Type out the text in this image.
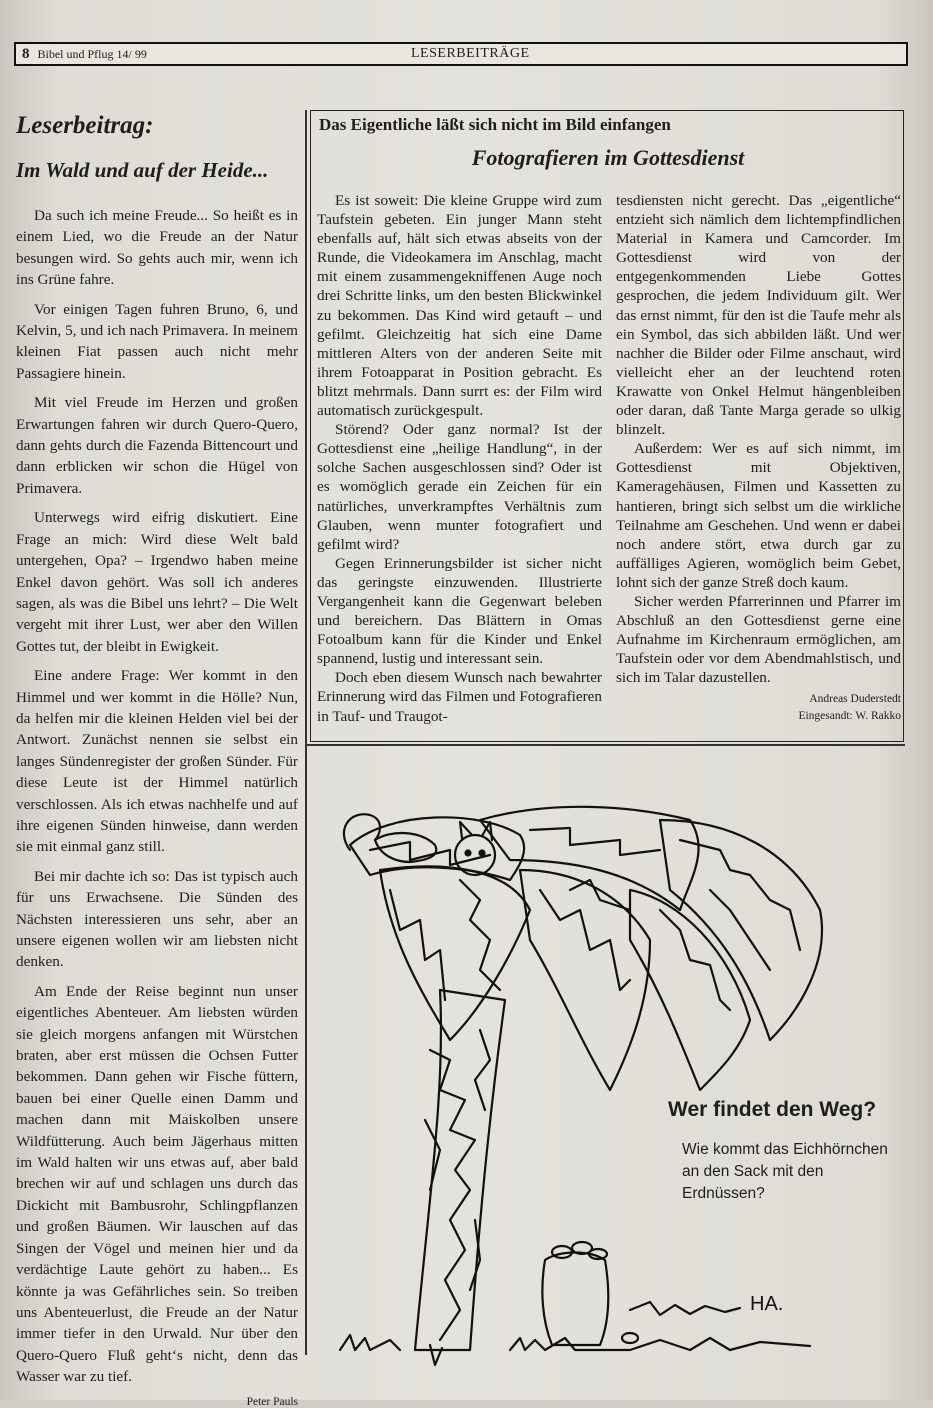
8 Bibel und Pflug 14/ 99	LESERBEITRÄGE
Leserbeitrag:
Im Wald und auf der Heide...

Da such ich meine Freude... So heißt es in einem Lied, wo die Freude an der Natur besungen wird. So gehts auch mir, wenn ich ins Grüne fahre.

Vor einigen Tagen fuhren Bruno, 6, und Kelvin, 5, und ich nach Primavera. In meinem kleinen Fiat passen auch nicht mehr Passagiere hinein.

Mit viel Freude im Herzen und großen Erwartungen fahren wir durch Quero-Quero, dann gehts durch die Fazenda Bittencourt und dann erblicken wir schon die Hügel von Primavera.

Unterwegs wird eifrig diskutiert. Eine Frage an mich: Wird diese Welt bald untergehen, Opa? – Irgendwo haben meine Enkel davon gehört. Was soll ich anderes sagen, als was die Bibel uns lehrt? – Die Welt vergeht mit ihrer Lust, wer aber den Willen Gottes tut, der bleibt in Ewigkeit.

Eine andere Frage: Wer kommt in den Himmel und wer kommt in die Hölle? Nun, da helfen mir die kleinen Helden viel bei der Antwort. Zunächst nennen sie selbst ein langes Sündenregister der großen Sünder. Für diese Leute ist der Himmel natürlich verschlossen. Als ich etwas nachhelfe und auf ihre eigenen Sünden hinweise, dann werden sie mit einmal ganz still.

Bei mir dachte ich so: Das ist typisch auch für uns Erwachsene. Die Sünden des Nächsten interessieren uns sehr, aber an unsere eigenen wollen wir am liebsten nicht denken.

Am Ende der Reise beginnt nun unser eigentliches Abenteuer. Am liebsten würden sie gleich morgens anfangen mit Würstchen braten, aber erst müssen die Ochsen Futter bekommen. Dann gehen wir Fische füttern, bauen bei einer Quelle einen Damm und machen dann mit Maiskolben unsere Wildfütterung. Auch beim Jägerhaus mitten im Wald halten wir uns etwas auf, aber bald brechen wir auf und schlagen uns durch das Dickicht mit Bambusrohr, Schlingpflanzen und großen Bäumen. Wir lauschen auf das Singen der Vögel und meinen hier und da verdächtige Laute gehört zu haben... Es könnte ja was Gefährliches sein. So treiben uns Abenteuerlust, die Freude an der Natur immer tiefer in den Urwald. Nur über den Quero-Quero Fluß geht‘s nicht, denn das Wasser war zu tief.

Peter Pauls
Das Eigentliche läßt sich nicht im Bild einfangen
Fotografieren im Gottesdienst

Es ist soweit: Die kleine Gruppe wird zum Taufstein gebeten. Ein junger Mann steht ebenfalls auf, hält sich etwas abseits von der Runde, die Videokamera im Anschlag, macht mit einem zusammengekniffenen Auge noch drei Schritte links, um den besten Blickwinkel zu bekommen. Das Kind wird getauft – und gefilmt. Gleichzeitig hat sich eine Dame mittleren Alters von der anderen Seite mit ihrem Fotoapparat in Position gebracht. Es blitzt mehrmals. Dann surrt es: der Film wird automatisch zurückgespult.

Störend? Oder ganz normal? Ist der Gottesdienst eine „heilige Handlung“, in der solche Sachen ausgeschlossen sind? Oder ist es womöglich gerade ein Zeichen für ein natürliches, unverkrampftes Verhältnis zum Glauben, wenn munter fotografiert und gefilmt wird?

Gegen Erinnerungsbilder ist sicher nicht das geringste einzuwenden. Illustrierte Vergangenheit kann die Gegenwart beleben und bereichern. Das Blättern in Omas Fotoalbum kann für die Kinder und Enkel spannend, lustig und interessant sein.

Doch eben diesem Wunsch nach bewahrter Erinnerung wird das Filmen und Fotografieren in Tauf- und Traugot-

tesdiensten nicht gerecht. Das „eigentliche“ entzieht sich nämlich dem lichtempfindlichen Material in Kamera und Camcorder. Im Gottesdienst wird von der entgegenkommenden Liebe Gottes gesprochen, die jedem Individuum gilt. Wer das ernst nimmt, für den ist die Taufe mehr als ein Symbol, das sich abbilden läßt. Und wer nachher die Bilder oder Filme anschaut, wird vielleicht eher an der leuchtend roten Krawatte von Onkel Helmut hängenbleiben oder daran, daß Tante Marga gerade so ulkig blinzelt.

Außerdem: Wer es auf sich nimmt, im Gottesdienst mit Objektiven, Kameragehäusen, Filmen und Kassetten zu hantieren, bringt sich selbst um die wirkliche Teilnahme am Geschehen. Und wenn er dabei noch andere stört, etwa durch gar zu auffälliges Agieren, womöglich beim Gebet, lohnt sich der ganze Streß doch kaum.

Sicher werden Pfarrerinnen und Pfarrer im Abschluß an den Gottesdienst gerne eine Aufnahme im Kirchenraum ermöglichen, am Taufstein oder vor dem Abendmahlstisch, und sich im Talar dazustellen.

Andreas Duderstedt
Eingesandt: W. Rakko
HA.
Wer findet den Weg?
Wie kommt das Eichhörnchen an den Sack mit den Erdnüssen?
